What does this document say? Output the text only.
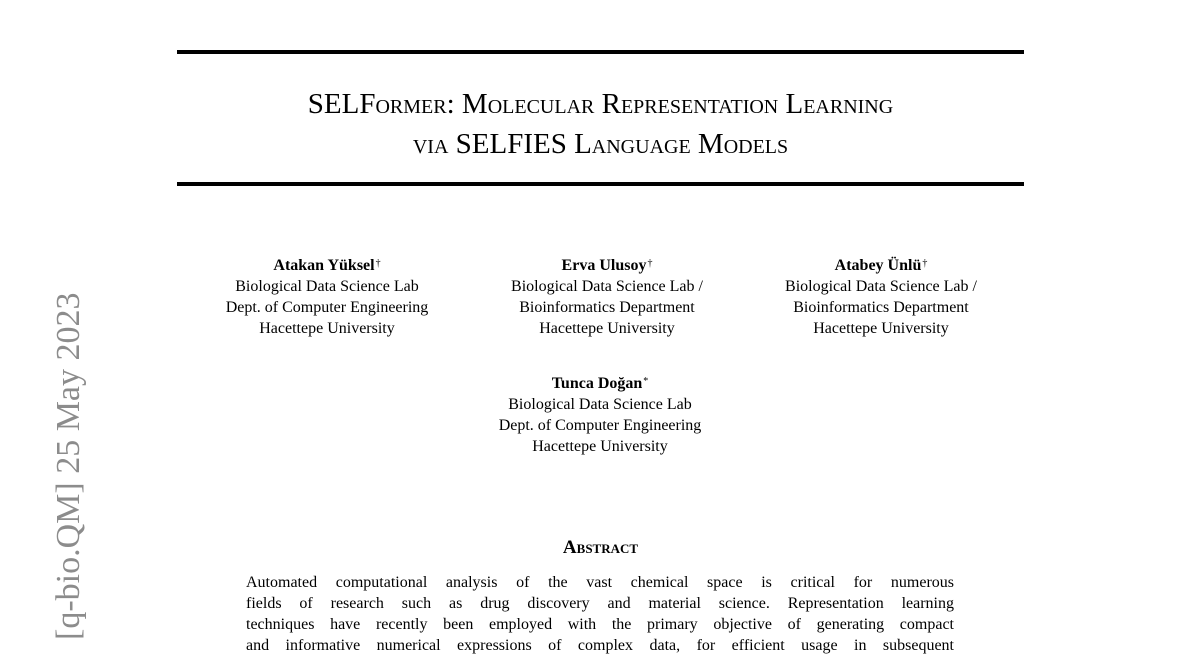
[q-bio.QM] 25 May 2023
SELFormer: Molecular Representation Learning
via SELFIES Language Models
Atakan Yüksel†
Biological Data Science Lab
Dept. of Computer Engineering
Hacettepe University
Erva Ulusoy†
Biological Data Science Lab /
Bioinformatics Department
Hacettepe University
Atabey Ünlü†
Biological Data Science Lab /
Bioinformatics Department
Hacettepe University
Tunca Doğan*
Biological Data Science Lab
Dept. of Computer Engineering
Hacettepe University
Abstract
Automated computational analysis of the vast chemical space is critical for numerous
fields of research such as drug discovery and material science. Representation learning
techniques have recently been employed with the primary objective of generating compact
and informative numerical expressions of complex data, for efficient usage in subsequent
